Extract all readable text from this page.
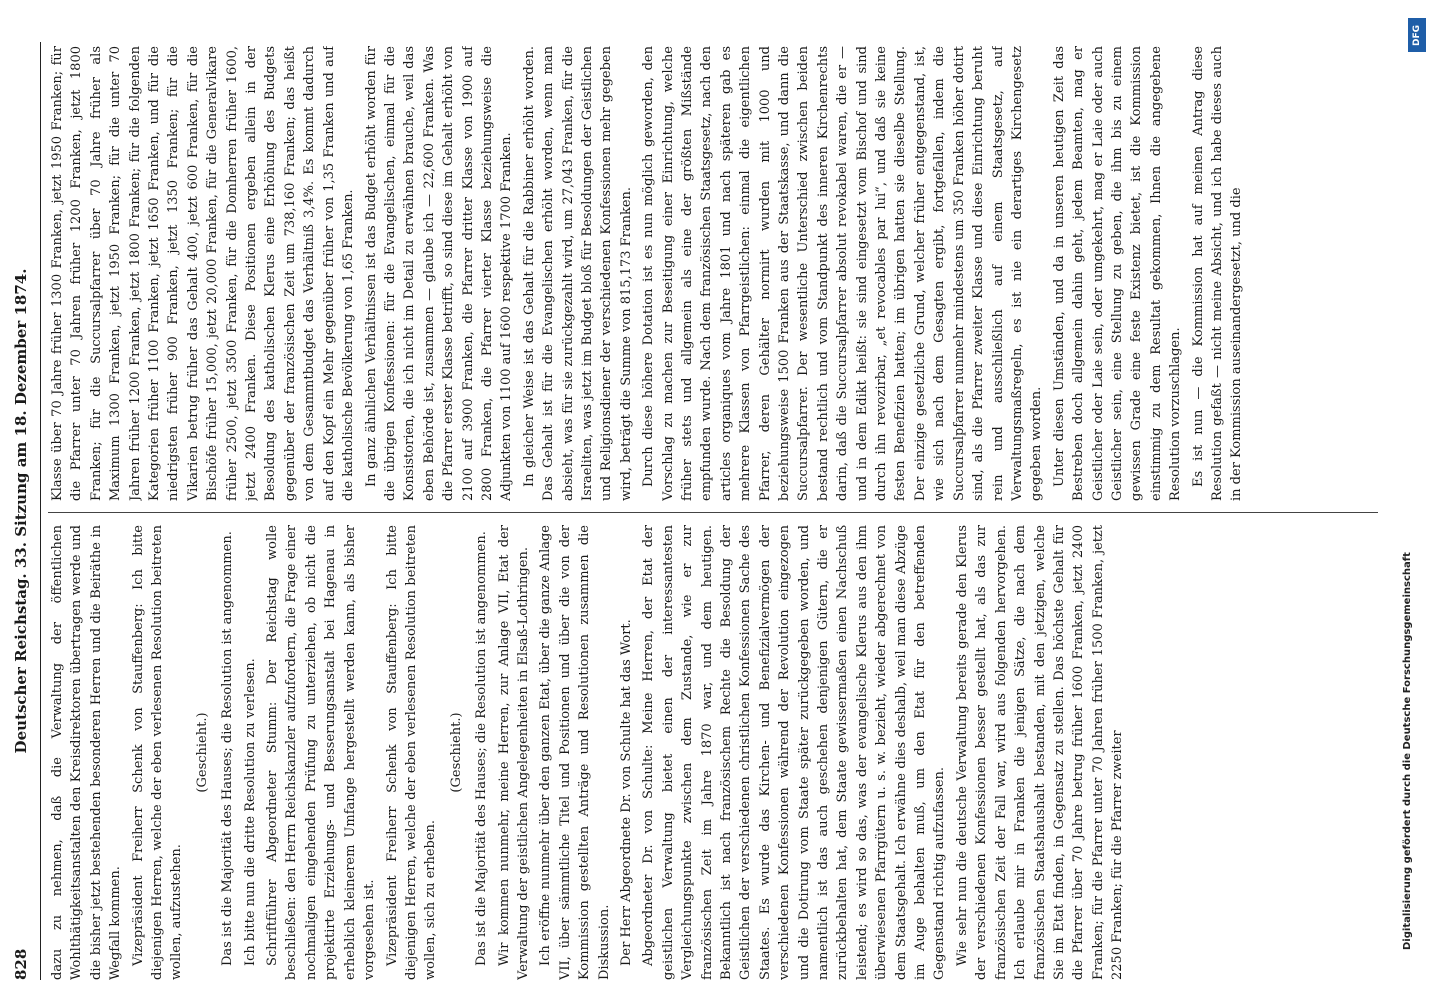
828
Deutscher Reichstag. 33. Sitzung am 18. Dezember 1874. dazu zu nehmen, daß die Verwaltung der öffentlichen Wohlthätigkeitsanstalten den Kreisdirektoren übertragen werde und die bisher jetzt bestehenden besonderen Herren und die Beiräthe in Wegfall kommen. Vizepräsident Freiherr Schenk von Stauffenberg: Ich bitte diejenigen Herren, welche der eben verlesenen Resolution beitreten wollen, aufzustehen.

(Geschieht.) Das ist die Majorität des Hauses; die Resolution ist angenommen. Ich bitte nun die dritte Resolution zu verlesen. Schriftführer Abgeordneter Stumm: Der Reichstag wolle beschließen: den Herrn Reichskanzler aufzufordern, die Frage einer nochmaligen eingehenden Prüfung zu unterziehen, ob nicht die projektirte Erziehungs- und Besserungsanstalt bei Hagenau in erheblich kleinerem Umfange hergestellt werden kann, als bisher vorgesehen ist. Vizepräsident Freiherr Schenk von Stauffenberg: Ich bitte diejenigen Herren, welche der eben verlesenen Resolution beitreten wollen, sich zu erheben.

(Geschieht.) Das ist die Majorität des Hauses; die Resolution ist angenommen. Wir kommen nunmehr, meine Herren, zur Anlage VII, Etat der Verwaltung der geistlichen Angelegenheiten in Elsaß-Lothringen. Ich eröffne nunmehr über den ganzen Etat, über die ganze Anlage VII, über sämmtliche Titel und Positionen und über die von der Kommission gestellten Anträge und Resolutionen zusammen die Diskussion. Der Herr Abgeordnete Dr. von Schulte hat das Wort. Abgeordneter Dr. von Schulte: Meine Herren, der Etat der geistlichen Verwaltung bietet einen der interessantesten Vergleichungspunkte zwischen dem Zustande, wie er zur französischen Zeit im Jahre 1870 war, und dem heutigen. Bekanntlich ist nach französischem Rechte die Besoldung der Geistlichen der verschiedenen christlichen Konfessionen Sache des Staates. Es wurde das Kirchen- und Benefizialvermögen der verschiedenen Konfessionen während der Revolution eingezogen und die Dotirung vom Staate später zurückgegeben worden, und namentlich ist das auch geschehen denjenigen Gütern, die er zurückbehalten hat, dem Staate gewissermaßen einen Nachschuß leistend; es wird so das, was der evangelische Klerus aus den ihm überwiesenen Pfarrgütern u. s. w. bezieht, wieder abgerechnet von dem Staatsgehalt. Ich erwähne dies deshalb, weil man diese Abzüge im Auge behalten muß, um den Etat für den betreffenden Gegenstand richtig aufzufassen. Wie sehr nun die deutsche Verwaltung bereits gerade den Klerus der verschiedenen Konfessionen besser gestellt hat, als das zur französischen Zeit der Fall war, wird aus folgenden hervorgehen. Ich erlaube mir in Franken die jenigen Sätze, die nach dem französischen Staatshaushalt bestanden, mit den jetzigen, welche Sie im Etat finden, in Gegensatz zu stellen. Das höchste Gehalt für die Pfarrer über 70 Jahre betrug früher 1600 Franken, jetzt 2400 Franken; für die Pfarrer unter 70 Jahren früher 1500 Franken, jetzt 2250 Franken; für die Pfarrer zweiter

Klasse über 70 Jahre früher 1300 Franken, jetzt 1950 Franken; für die Pfarrer unter 70 Jahren früher 1200 Franken, jetzt 1800 Franken; für die Succursalpfarrer über 70 Jahre früher als Maximum 1300 Franken, jetzt 1950 Franken; für die unter 70 Jahren früher 1200 Franken, jetzt 1800 Franken; für die folgenden Kategorien früher 1100 Franken, jetzt 1650 Franken, und für die niedrigsten früher 900 Franken, jetzt 1350 Franken; für die Vikarien betrug früher das Gehalt 400, jetzt 600 Franken, für die Bischöfe früher 15,000, jetzt 20,000 Franken, für die Generalvikare früher 2500, jetzt 3500 Franken, für die Domherren früher 1600, jetzt 2400 Franken. Diese Positionen ergeben allein in der Besoldung des katholischen Klerus eine Erhöhung des Budgets gegenüber der französischen Zeit um 738,160 Franken; das heißt von dem Gesammtbudget das Verhältniß 3,4%. Es kommt dadurch auf den Kopf ein Mehr gegenüber früher von 1,35 Franken und auf die katholische Bevölkerung von 1,65 Franken. In ganz ähnlichen Verhältnissen ist das Budget erhöht worden für die übrigen Konfessionen: für die Evangelischen, einmal für die Konsistorien, die ich nicht im Detail zu erwähnen brauche, weil das eben Behörde ist, zusammen — glaube ich — 22,600 Franken. Was die Pfarrer erster Klasse betrifft, so sind diese im Gehalt erhöht von 2100 auf 3900 Franken, die Pfarrer dritter Klasse von 1900 auf 2800 Franken, die Pfarrer vierter Klasse beziehungsweise die Adjunkten von 1100 auf 1600 respektive 1700 Franken. In gleicher Weise ist das Gehalt für die Rabbiner erhöht worden. Das Gehalt ist für die Evangelischen erhöht worden, wenn man absieht, was für sie zurückgezahlt wird, um 27,043 Franken, für die Israeliten, was jetzt im Budget bloß für Besoldungen der Geistlichen und Religionsdiener der verschiedenen Konfessionen mehr gegeben wird, beträgt die Summe von 815,173 Franken. Durch diese höhere Dotation ist es nun möglich geworden, den Vorschlag zu machen zur Beseitigung einer Einrichtung, welche früher stets und allgemein als eine der größten Mißstände empfunden wurde. Nach dem französischen Staatsgesetz, nach den articles organiques vom Jahre 1801 und nach späteren gab es mehrere Klassen von Pfarrgeistlichen: einmal die eigentlichen Pfarrer, deren Gehälter normirt wurden mit 1000 und beziehungsweise 1500 Franken aus der Staatskasse, und dann die Succursalpfarrer. Der wesentliche Unterschied zwischen beiden bestand rechtlich und vom Standpunkt des inneren Kirchenrechts darin, daß die Succursalpfarrer absolut revokabel waren, die er — und in dem Edikt heißt: sie sind eingesetzt vom Bischof und sind durch ihn revozirbar, „et revocables par lui“, und daß sie keine festen Benefizien hatten; im übrigen hatten sie dieselbe Stellung. Der einzige gesetzliche Grund, welcher früher entgegenstand, ist, wie sich nach dem Gesagten ergibt, fortgefallen, indem die Succursalpfarrer nunmehr mindestens um 350 Franken höher dotirt sind, als die Pfarrer zweiter Klasse und diese Einrichtung beruht rein und ausschließlich auf einem Staatsgesetz, auf Verwaltungsmaßregeln, es ist nie ein derartiges Kirchengesetz gegeben worden. Unter diesen Umständen, und da in unseren heutigen Zeit das Bestreben doch allgemein dahin geht, jedem Beamten, mag er Geistlicher oder Laie sein, oder umgekehrt, mag er Laie oder auch Geistlicher sein, eine Stellung zu geben, die ihm bis zu einem gewissen Grade eine feste Existenz bietet, ist die Kommission einstimmig zu dem Resultat gekommen, Ihnen die angegebene Resolution vorzuschlagen. Es ist nun — die Kommission hat auf meinen Antrag diese Resolution gefaßt — nicht meine Absicht, und ich habe dieses auch in der Kommission auseinandergesetzt, und die

Digitalisierung gefördert durch die Deutsche Forschungsgemeinschaft
DFG
